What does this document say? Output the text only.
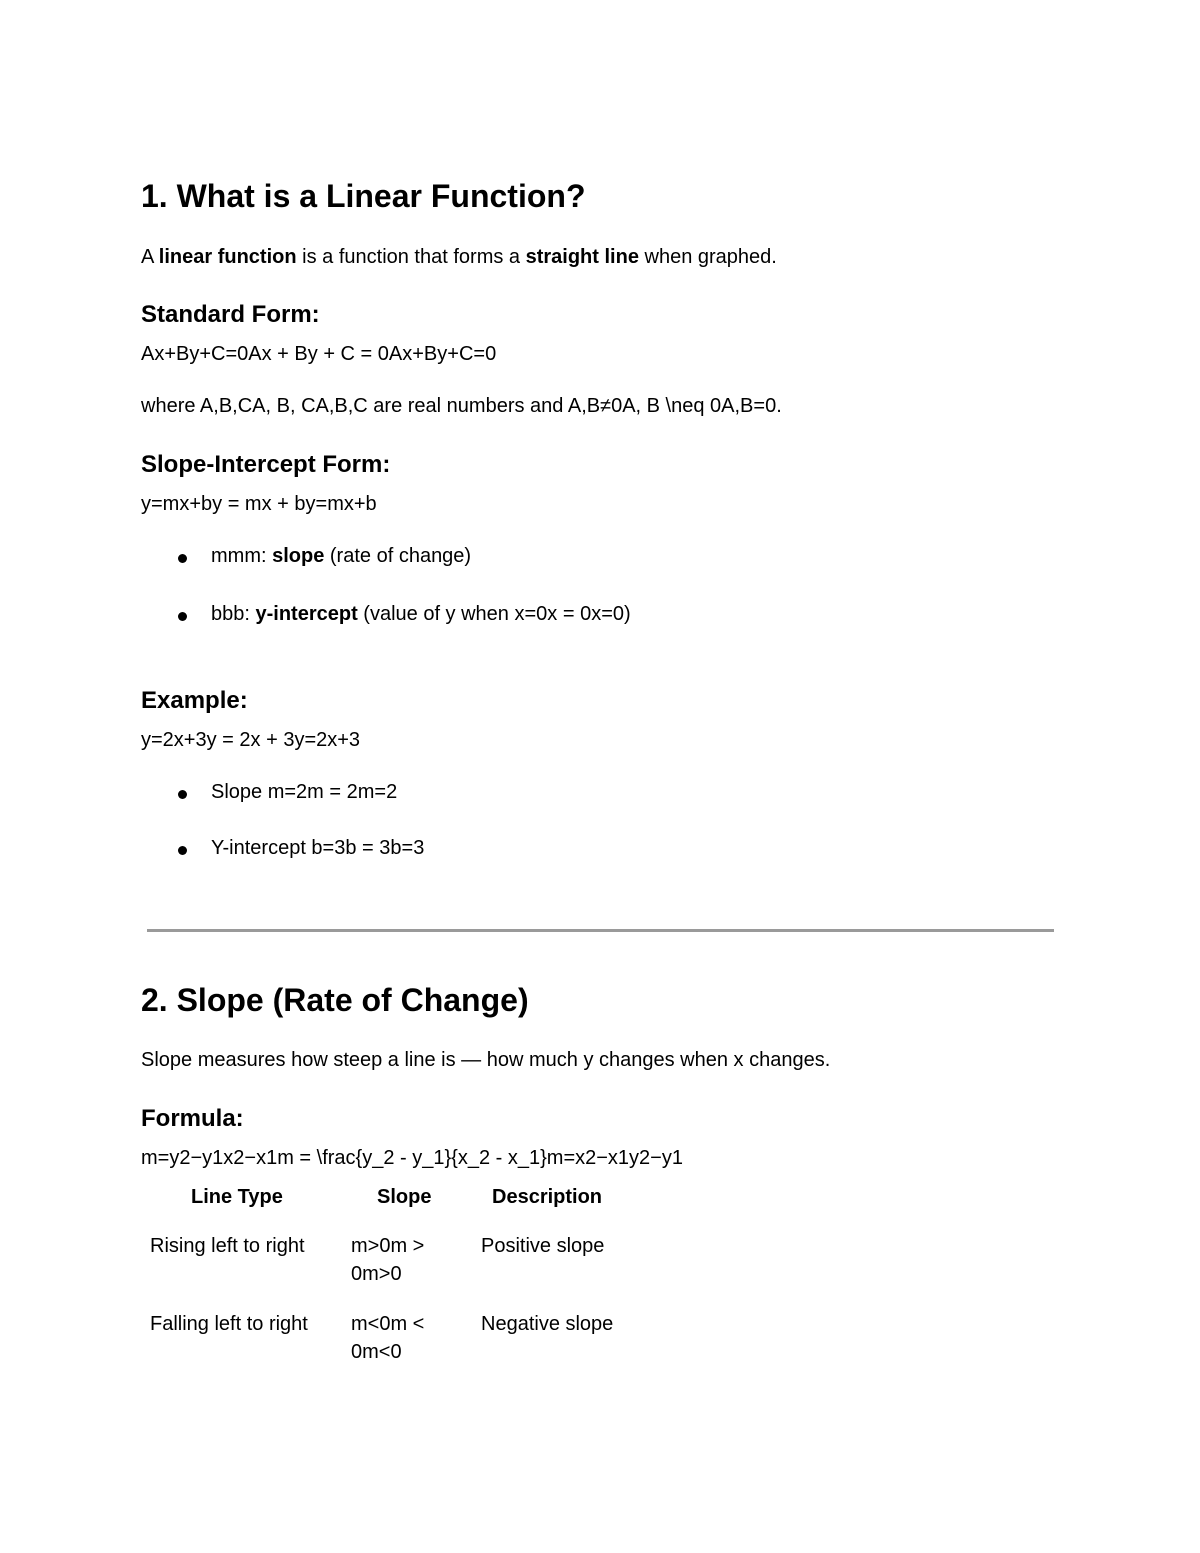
1. What is a Linear Function?
A linear function is a function that forms a straight line when graphed.
Standard Form:
Ax+By+C=0Ax + By + C = 0Ax+By+C=0
where A,B,CA, B, CA,B,C are real numbers and A,B≠0A, B \neq 0A,B=0.
Slope-Intercept Form:
y=mx+by = mx + by=mx+b
mmm: slope (rate of change)
bbb: y-intercept (value of y when x=0x = 0x=0)
Example:
y=2x+3y = 2x + 3y=2x+3
Slope m=2m = 2m=2
Y-intercept b=3b = 3b=3
2. Slope (Rate of Change)
Slope measures how steep a line is — how much y changes when x changes.
Formula:
m=y2−y1x2−x1m = \frac{y_2 - y_1}{x_2 - x_1}m=x2−x1y2−y1
Line Type	Slope	Description
Rising left to right m>0m >
0m>0
Positive slope
Falling left to right m<0m <
0m<0
Negative slope
